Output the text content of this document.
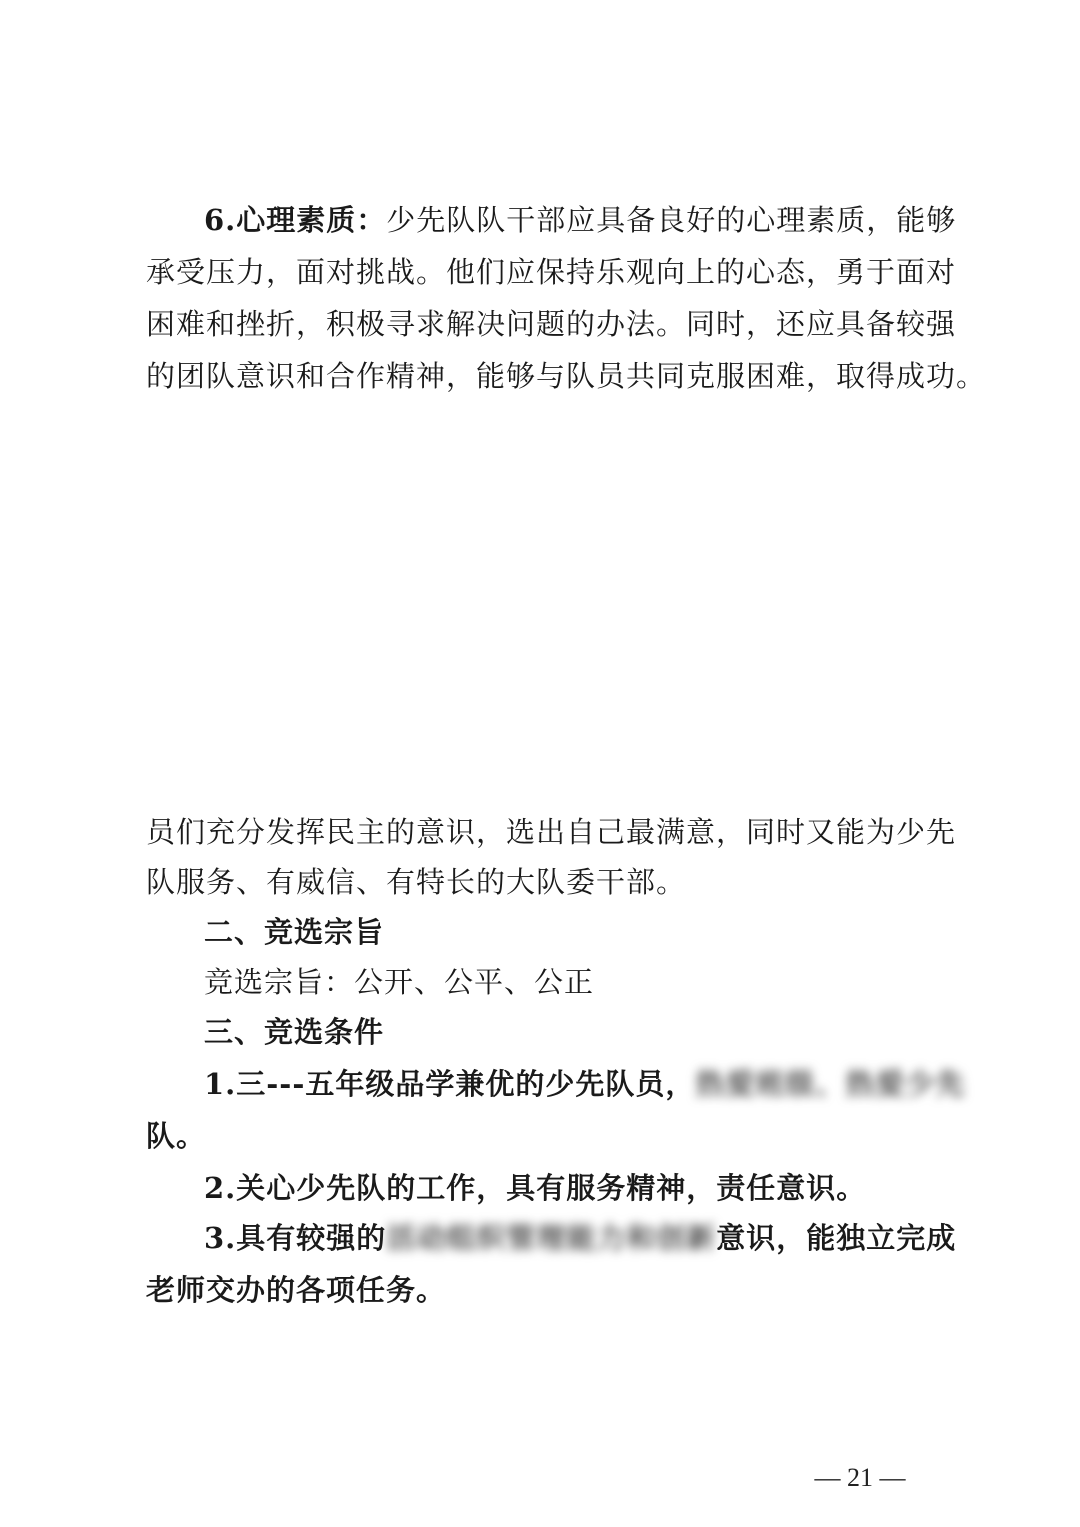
6.心理素质：少先队队干部应具备良好的心理素质，能够
承受压力，面对挑战。他们应保持乐观向上的心态，勇于面对
困难和挫折，积极寻求解决问题的办法。同时，还应具备较强
的团队意识和合作精神，能够与队员共同克服困难，取得成功。
员们充分发挥民主的意识，选出自己最满意，同时又能为少先
队服务、有威信、有特长的大队委干部。
二、竞选宗旨
竞选宗旨：公开、公平、公正
三、竞选条件
1.三---五年级品学兼优的少先队员，热爱班级、热爱少先
队。
2.关心少先队的工作，具有服务精神，责任意识。
3.具有较强的活动组织管理能力和创新意识，能独立完成
老师交办的各项任务。
— 21 —
